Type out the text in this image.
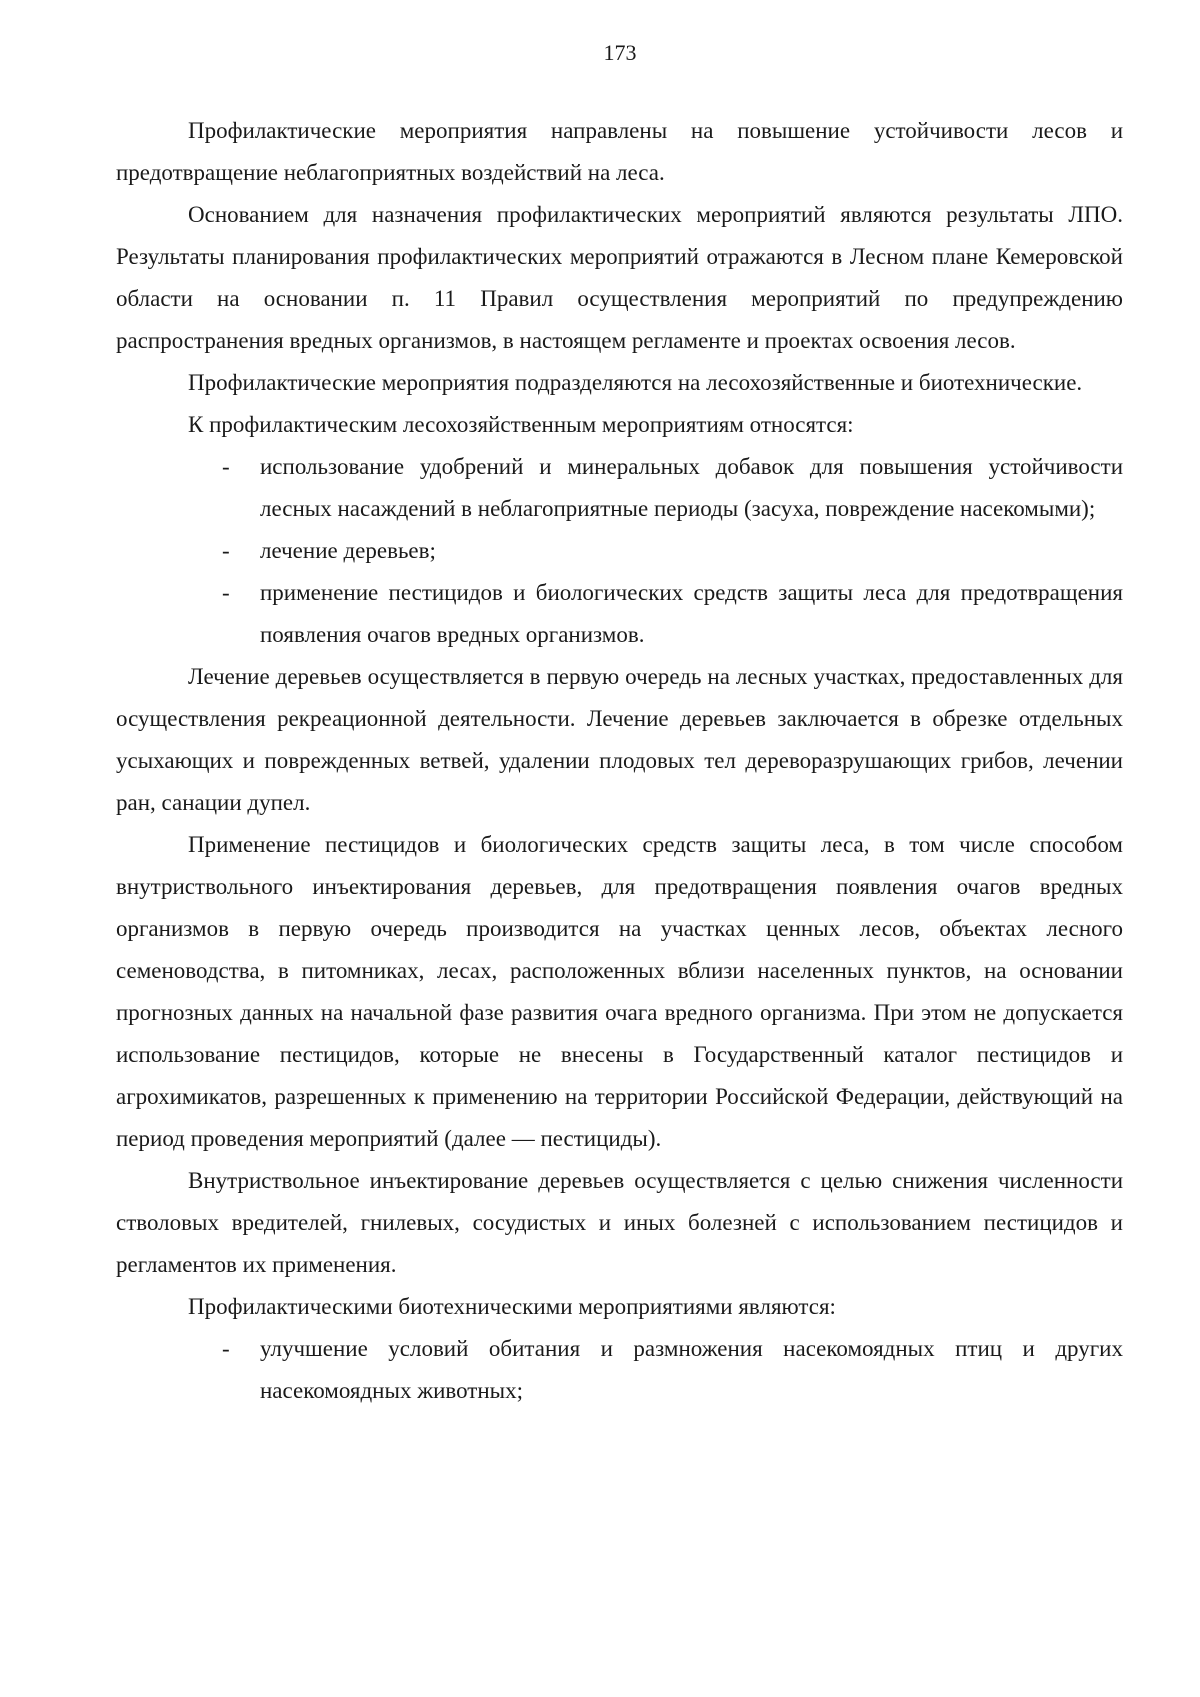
173

Профилактические мероприятия направлены на повышение устойчивости лесов и предотвращение неблагоприятных воздействий на леса.

Основанием для назначения профилактических мероприятий являются результаты ЛПО. Результаты планирования профилактических мероприятий отражаются в Лесном плане Кемеровской области на основании п. 11 Правил осуществления мероприятий по предупреждению распространения вредных организмов, в настоящем регламенте и проектах освоения лесов.

Профилактические мероприятия подразделяются на лесохозяйственные и биотехнические.

К профилактическим лесохозяйственным мероприятиям относятся:

- использование удобрений и минеральных добавок для повышения устойчивости лесных насаждений в неблагоприятные периоды (засуха, повреждение насекомыми);
- лечение деревьев;
- применение пестицидов и биологических средств защиты леса для предотвращения появления очагов вредных организмов.

Лечение деревьев осуществляется в первую очередь на лесных участках, предоставленных для осуществления рекреационной деятельности. Лечение деревьев заключается в обрезке отдельных усыхающих и поврежденных ветвей, удалении плодовых тел дереворазрушающих грибов, лечении ран, санации дупел.

Применение пестицидов и биологических средств защиты леса, в том числе способом внутриствольного инъектирования деревьев, для предотвращения появления очагов вредных организмов в первую очередь производится на участках ценных лесов, объектах лесного семеноводства, в питомниках, лесах, расположенных вблизи населенных пунктов, на основании прогнозных данных на начальной фазе развития очага вредного организма. При этом не допускается использование пестицидов, которые не внесены в Государственный каталог пестицидов и агрохимикатов, разрешенных к применению на территории Российской Федерации, действующий на период проведения мероприятий (далее — пестициды).

Внутриствольное инъектирование деревьев осуществляется с целью снижения численности стволовых вредителей, гнилевых, сосудистых и иных болезней с использованием пестицидов и регламентов их применения.

Профилактическими биотехническими мероприятиями являются:

- улучшение условий обитания и размножения насекомоядных птиц и других насекомоядных животных;
